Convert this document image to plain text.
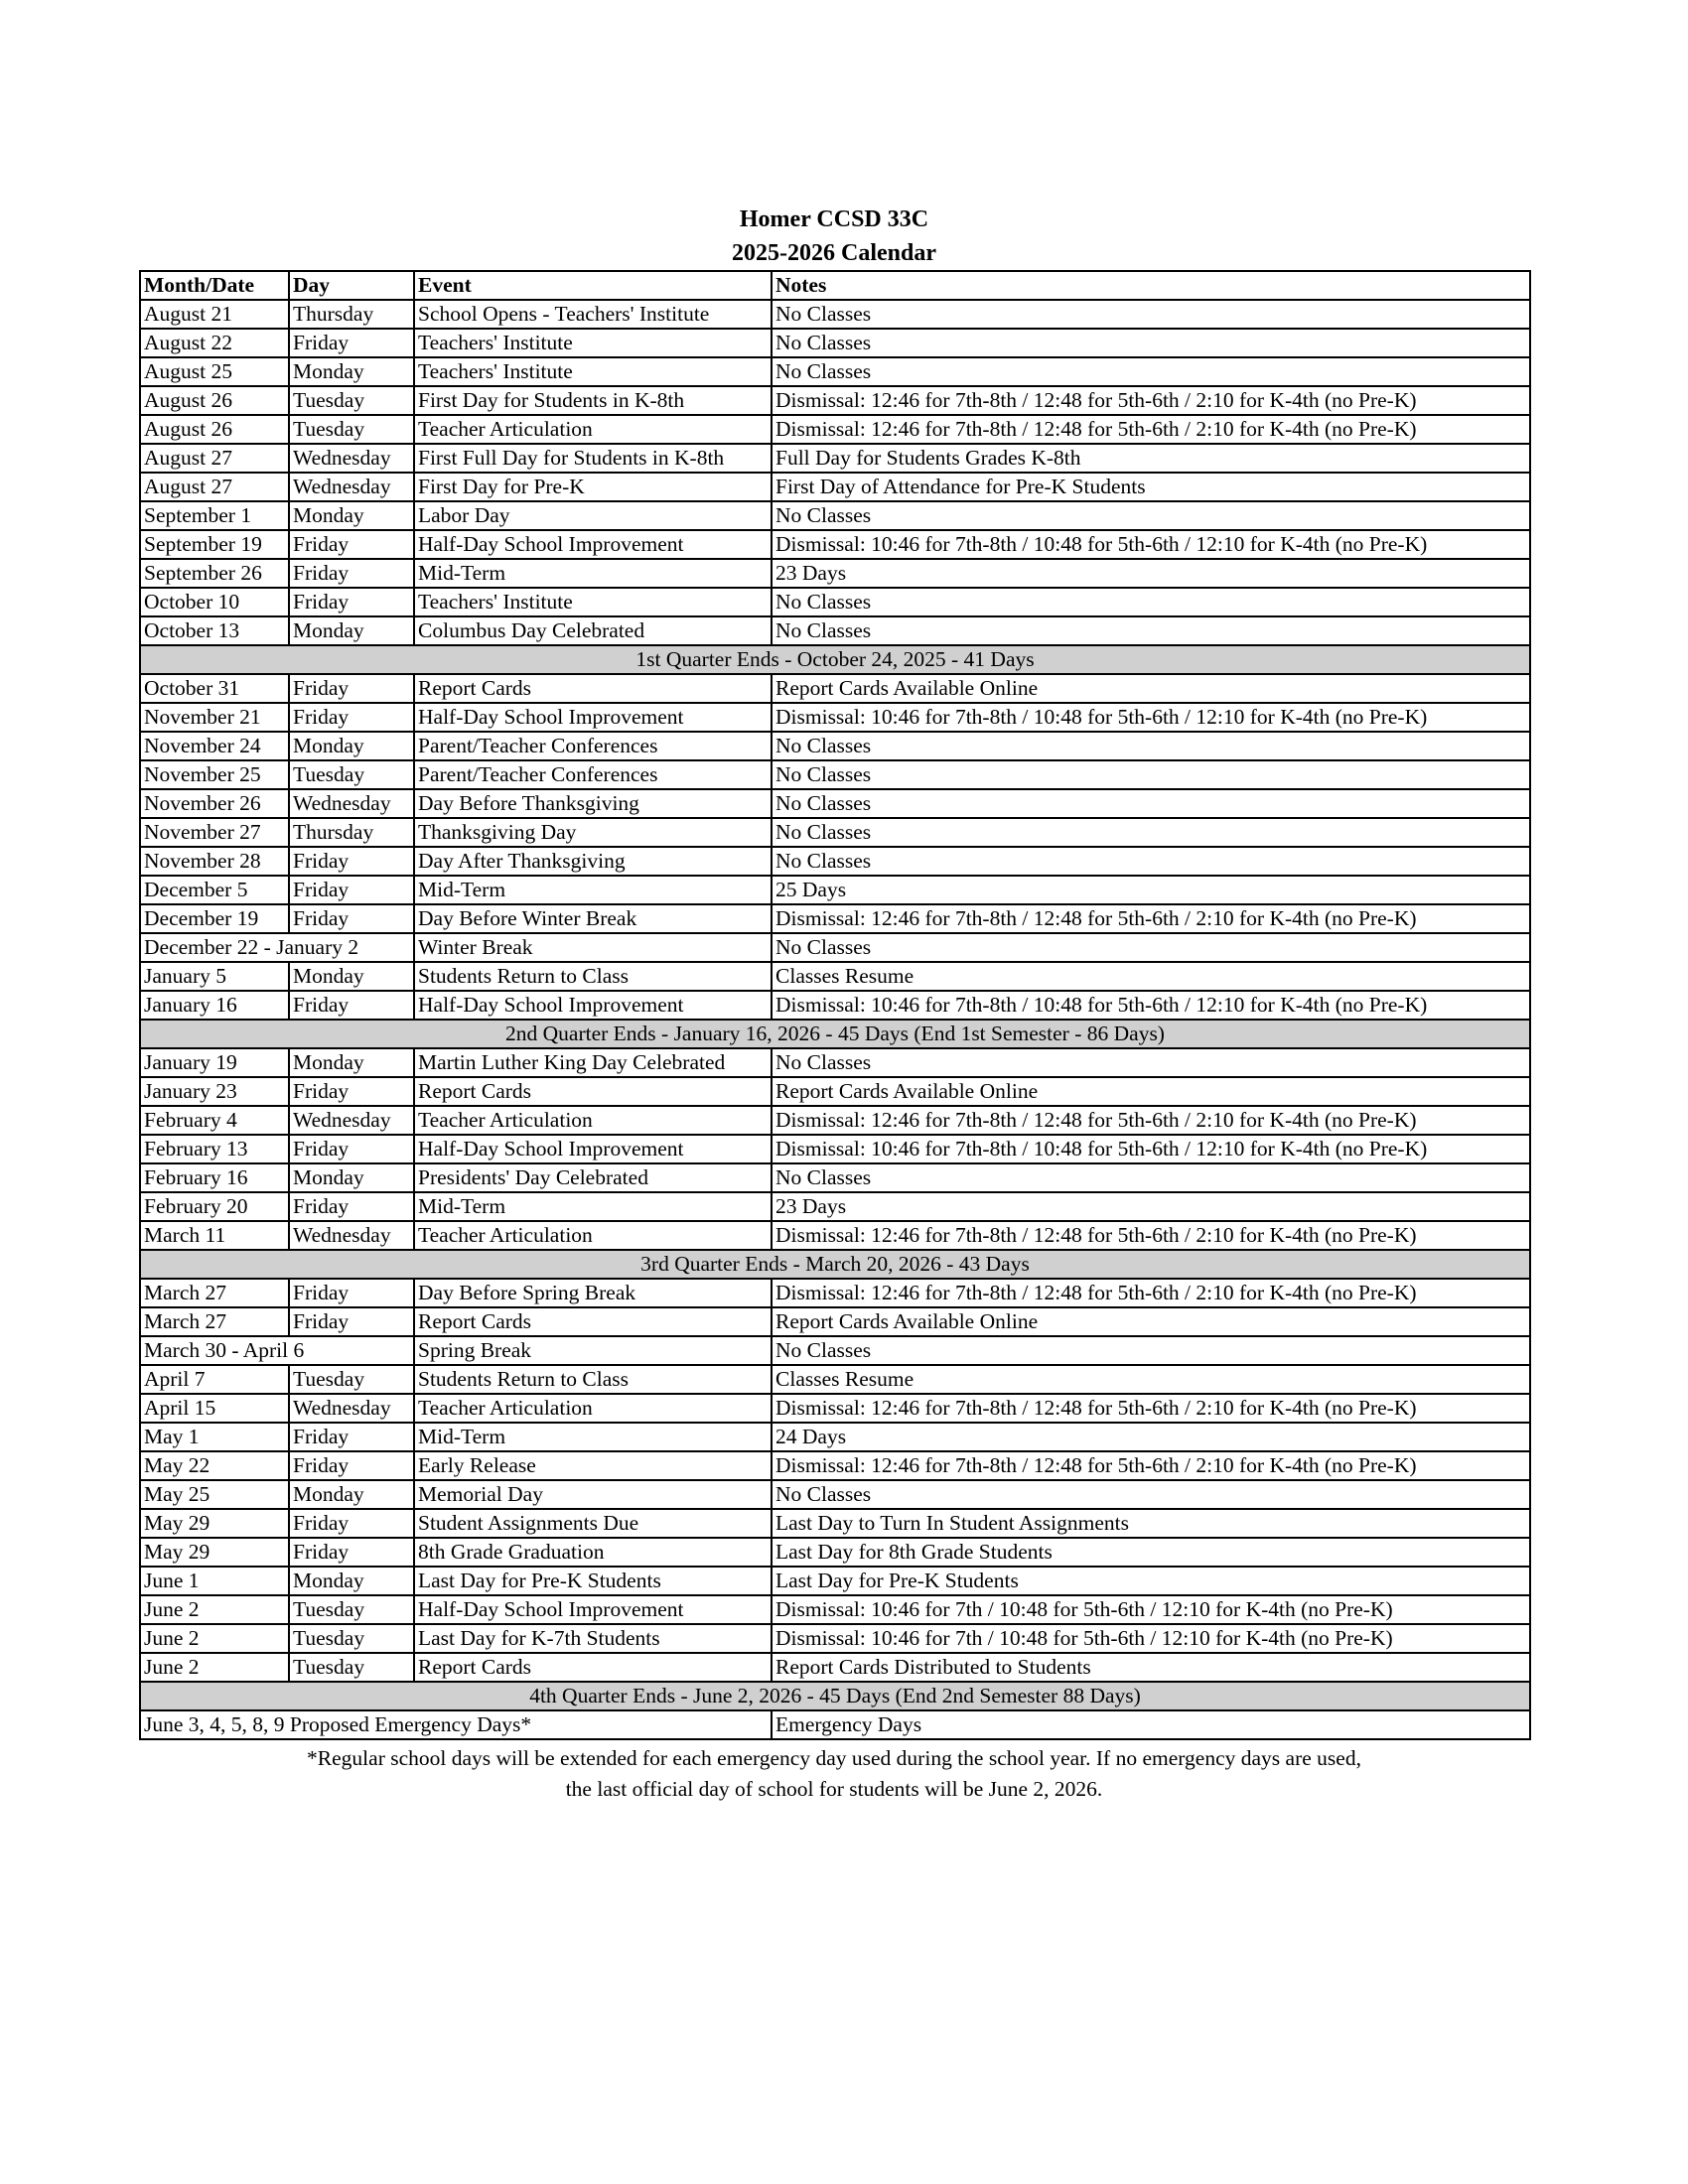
Homer CCSD 33C
2025-2026 Calendar
Month/Date	Day	Event	Notes
August 21	Thursday	School Opens - Teachers' Institute	No Classes
August 22	Friday	Teachers' Institute	No Classes
August 25	Monday	Teachers' Institute	No Classes
August 26	Tuesday	First Day for Students in K-8th	Dismissal: 12:46 for 7th-8th / 12:48 for 5th-6th / 2:10 for K-4th (no Pre-K)
August 26	Tuesday	Teacher Articulation	Dismissal: 12:46 for 7th-8th / 12:48 for 5th-6th / 2:10 for K-4th (no Pre-K)
August 27	Wednesday	First Full Day for Students in K-8th	Full Day for Students Grades K-8th
August 27	Wednesday	First Day for Pre-K	First Day of Attendance for Pre-K Students
September 1	Monday	Labor Day	No Classes
September 19	Friday	Half-Day School Improvement	Dismissal: 10:46 for 7th-8th / 10:48 for 5th-6th / 12:10 for K-4th (no Pre-K)
September 26	Friday	Mid-Term	23 Days
October 10	Friday	Teachers' Institute	No Classes
October 13	Monday	Columbus Day Celebrated	No Classes
1st Quarter Ends - October 24, 2025 - 41 Days			
October 31	Friday	Report Cards	Report Cards Available Online
November 21	Friday	Half-Day School Improvement	Dismissal: 10:46 for 7th-8th / 10:48 for 5th-6th / 12:10 for K-4th (no Pre-K)
November 24	Monday	Parent/Teacher Conferences	No Classes
November 25	Tuesday	Parent/Teacher Conferences	No Classes
November 26	Wednesday	Day Before Thanksgiving	No Classes
November 27	Thursday	Thanksgiving Day	No Classes
November 28	Friday	Day After Thanksgiving	No Classes
December 5	Friday	Mid-Term	25 Days
December 19	Friday	Day Before Winter Break	Dismissal: 12:46 for 7th-8th / 12:48 for 5th-6th / 2:10 for K-4th (no Pre-K)
December 22 - January 2		Winter Break	No Classes
January 5	Monday	Students Return to Class	Classes Resume
January 16	Friday	Half-Day School Improvement	Dismissal: 10:46 for 7th-8th / 10:48 for 5th-6th / 12:10 for K-4th (no Pre-K)
2nd Quarter Ends - January 16, 2026 - 45 Days (End 1st Semester - 86 Days)			
January 19	Monday	Martin Luther King Day Celebrated	No Classes
January 23	Friday	Report Cards	Report Cards Available Online
February 4	Wednesday	Teacher Articulation	Dismissal: 12:46 for 7th-8th / 12:48 for 5th-6th / 2:10 for K-4th (no Pre-K)
February 13	Friday	Half-Day School Improvement	Dismissal: 10:46 for 7th-8th / 10:48 for 5th-6th / 12:10 for K-4th (no Pre-K)
February 16	Monday	Presidents' Day Celebrated	No Classes
February 20	Friday	Mid-Term	23 Days
March 11	Wednesday	Teacher Articulation	Dismissal: 12:46 for 7th-8th / 12:48 for 5th-6th / 2:10 for K-4th (no Pre-K)
3rd Quarter Ends - March 20, 2026 - 43 Days			
March 27	Friday	Day Before Spring Break	Dismissal: 12:46 for 7th-8th / 12:48 for 5th-6th / 2:10 for K-4th (no Pre-K)
March 27	Friday	Report Cards	Report Cards Available Online
March 30 - April 6		Spring Break	No Classes
April 7	Tuesday	Students Return to Class	Classes Resume
April 15	Wednesday	Teacher Articulation	Dismissal: 12:46 for 7th-8th / 12:48 for 5th-6th / 2:10 for K-4th (no Pre-K)
May 1	Friday	Mid-Term	24 Days
May 22	Friday	Early Release	Dismissal: 12:46 for 7th-8th / 12:48 for 5th-6th / 2:10 for K-4th (no Pre-K)
May 25	Monday	Memorial Day	No Classes
May 29	Friday	Student Assignments Due	Last Day to Turn In Student Assignments
May 29	Friday	8th Grade Graduation	Last Day for 8th Grade Students
June 1	Monday	Last Day for Pre-K Students	Last Day for Pre-K Students
June 2	Tuesday	Half-Day School Improvement	Dismissal: 10:46 for 7th / 10:48 for 5th-6th / 12:10 for K-4th (no Pre-K)
June 2	Tuesday	Last Day for K-7th Students	Dismissal: 10:46 for 7th / 10:48 for 5th-6th / 12:10 for K-4th (no Pre-K)
June 2	Tuesday	Report Cards	Report Cards Distributed to Students
4th Quarter Ends - June 2, 2026 - 45 Days (End 2nd Semester 88 Days)			
June 3, 4, 5, 8, 9 Proposed Emergency Days*			Emergency Days
*Regular school days will be extended for each emergency day used during the school year. If no emergency days are used,
the last official day of school for students will be June 2, 2026.
